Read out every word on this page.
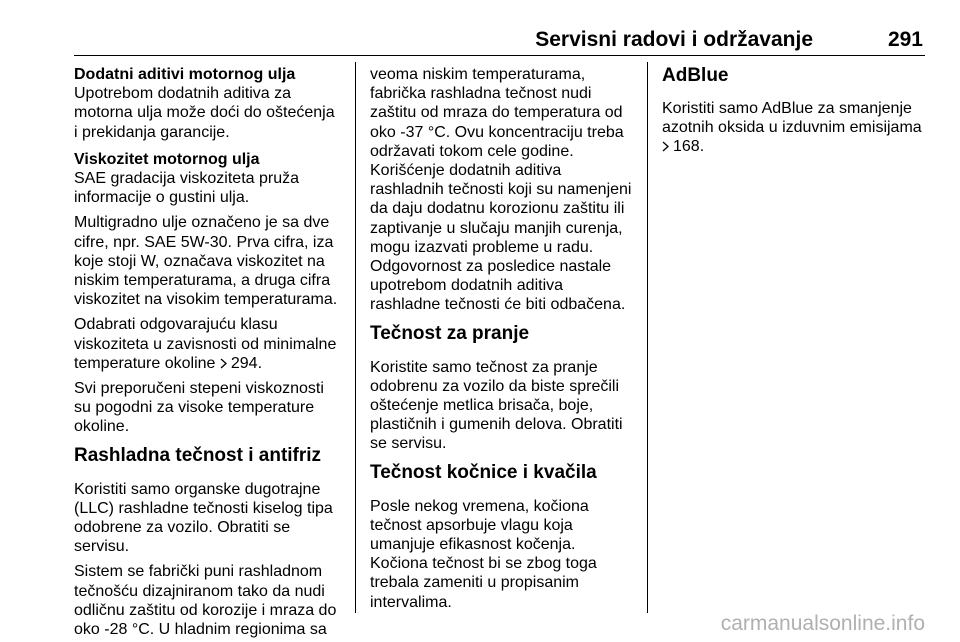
Servisni radovi i održavanje	291

Dodatni aditivi motornog ulja

Upotrebom dodatnih aditiva za
motorna ulja može doći do oštećenja
i prekidanja garancije.

Viskozitet motornog ulja

SAE gradacija viskoziteta pruža
informacije o gustini ulja.

Multigradno ulje označeno je sa dve
cifre, npr. SAE 5W-30. Prva cifra, iza
koje stoji W, označava viskozitet na
niskim temperaturama, a druga cifra
viskozitet na visokim temperaturama.

Odabrati odgovarajuću klasu
viskoziteta u zavisnosti od minimalne
temperature okoline 294.

Svi preporučeni stepeni viskoznosti
su pogodni za visoke temperature
okoline.

Rashladna tečnost i antifriz

Koristiti samo organske dugotrajne
(LLC) rashladne tečnosti kiselog tipa
odobrene za vozilo. Obratiti se
servisu.

Sistem se fabrički puni rashladnom
tečnošću dizajniranom tako da nudi
odličnu zaštitu od korozije i mraza do
oko -28 °C. U hladnim regionima sa

veoma niskim temperaturama,
fabrička rashladna tečnost nudi
zaštitu od mraza do temperatura od
oko -37 °C. Ovu koncentraciju treba
održavati tokom cele godine.
Korišćenje dodatnih aditiva
rashladnih tečnosti koji su namenjeni
da daju dodatnu korozionu zaštitu ili
zaptivanje u slučaju manjih curenja,
mogu izazvati probleme u radu.
Odgovornost za posledice nastale
upotrebom dodatnih aditiva
rashladne tečnosti će biti odbačena.

Tečnost za pranje

Koristite samo tečnost za pranje
odobrenu za vozilo da biste sprečili
oštećenje metlica brisača, boje,
plastičnih i gumenih delova. Obratiti
se servisu.

Tečnost kočnice i kvačila

Posle nekog vremena, kočiona
tečnost apsorbuje vlagu koja
umanjuje efikasnost kočenja.
Kočiona tečnost bi se zbog toga
trebala zameniti u propisanim
intervalima.

AdBlue

Koristiti samo AdBlue za smanjenje
azotnih oksida u izduvnim emisijama
168.

carmanualsonline.info
